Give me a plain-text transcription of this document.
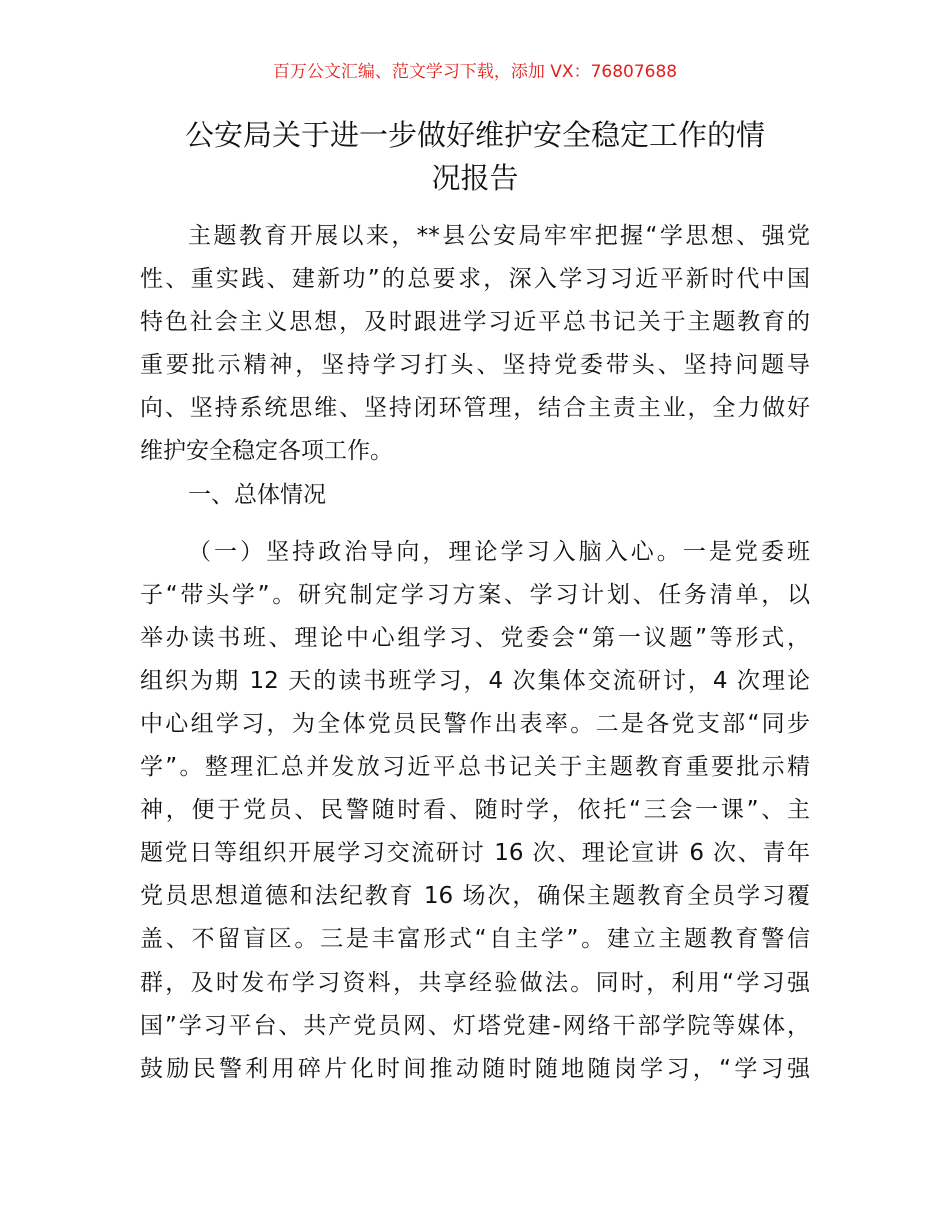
百万公文汇编、范文学习下载，添加 VX：76807688
公安局关于进一步做好维护安全稳定工作的情
况报告
主题教育开展以来，**县公安局牢牢把握“学思想、强党
性、重实践、建新功”的总要求，深入学习习近平新时代中国
特色社会主义思想，及时跟进学习近平总书记关于主题教育的
重要批示精神，坚持学习打头、坚持党委带头、坚持问题导
向、坚持系统思维、坚持闭环管理，结合主责主业，全力做好
维护安全稳定各项工作。
一、总体情况
（一）坚持政治导向，理论学习入脑入心。一是党委班
子“带头学”。研究制定学习方案、学习计划、任务清单，以
举办读书班、理论中心组学习、党委会“第一议题”等形式，
组织为期 12 天的读书班学习，4 次集体交流研讨，4 次理论
中心组学习，为全体党员民警作出表率。二是各党支部“同步
学”。整理汇总并发放习近平总书记关于主题教育重要批示精
神，便于党员、民警随时看、随时学，依托“三会一课”、主
题党日等组织开展学习交流研讨 16 次、理论宣讲 6 次、青年
党员思想道德和法纪教育 16 场次，确保主题教育全员学习覆
盖、不留盲区。三是丰富形式“自主学”。建立主题教育警信
群，及时发布学习资料，共享经验做法。同时，利用“学习强
国”学习平台、共产党员网、灯塔党建-网络干部学院等媒体，
鼓励民警利用碎片化时间推动随时随地随岗学习，“学习强
